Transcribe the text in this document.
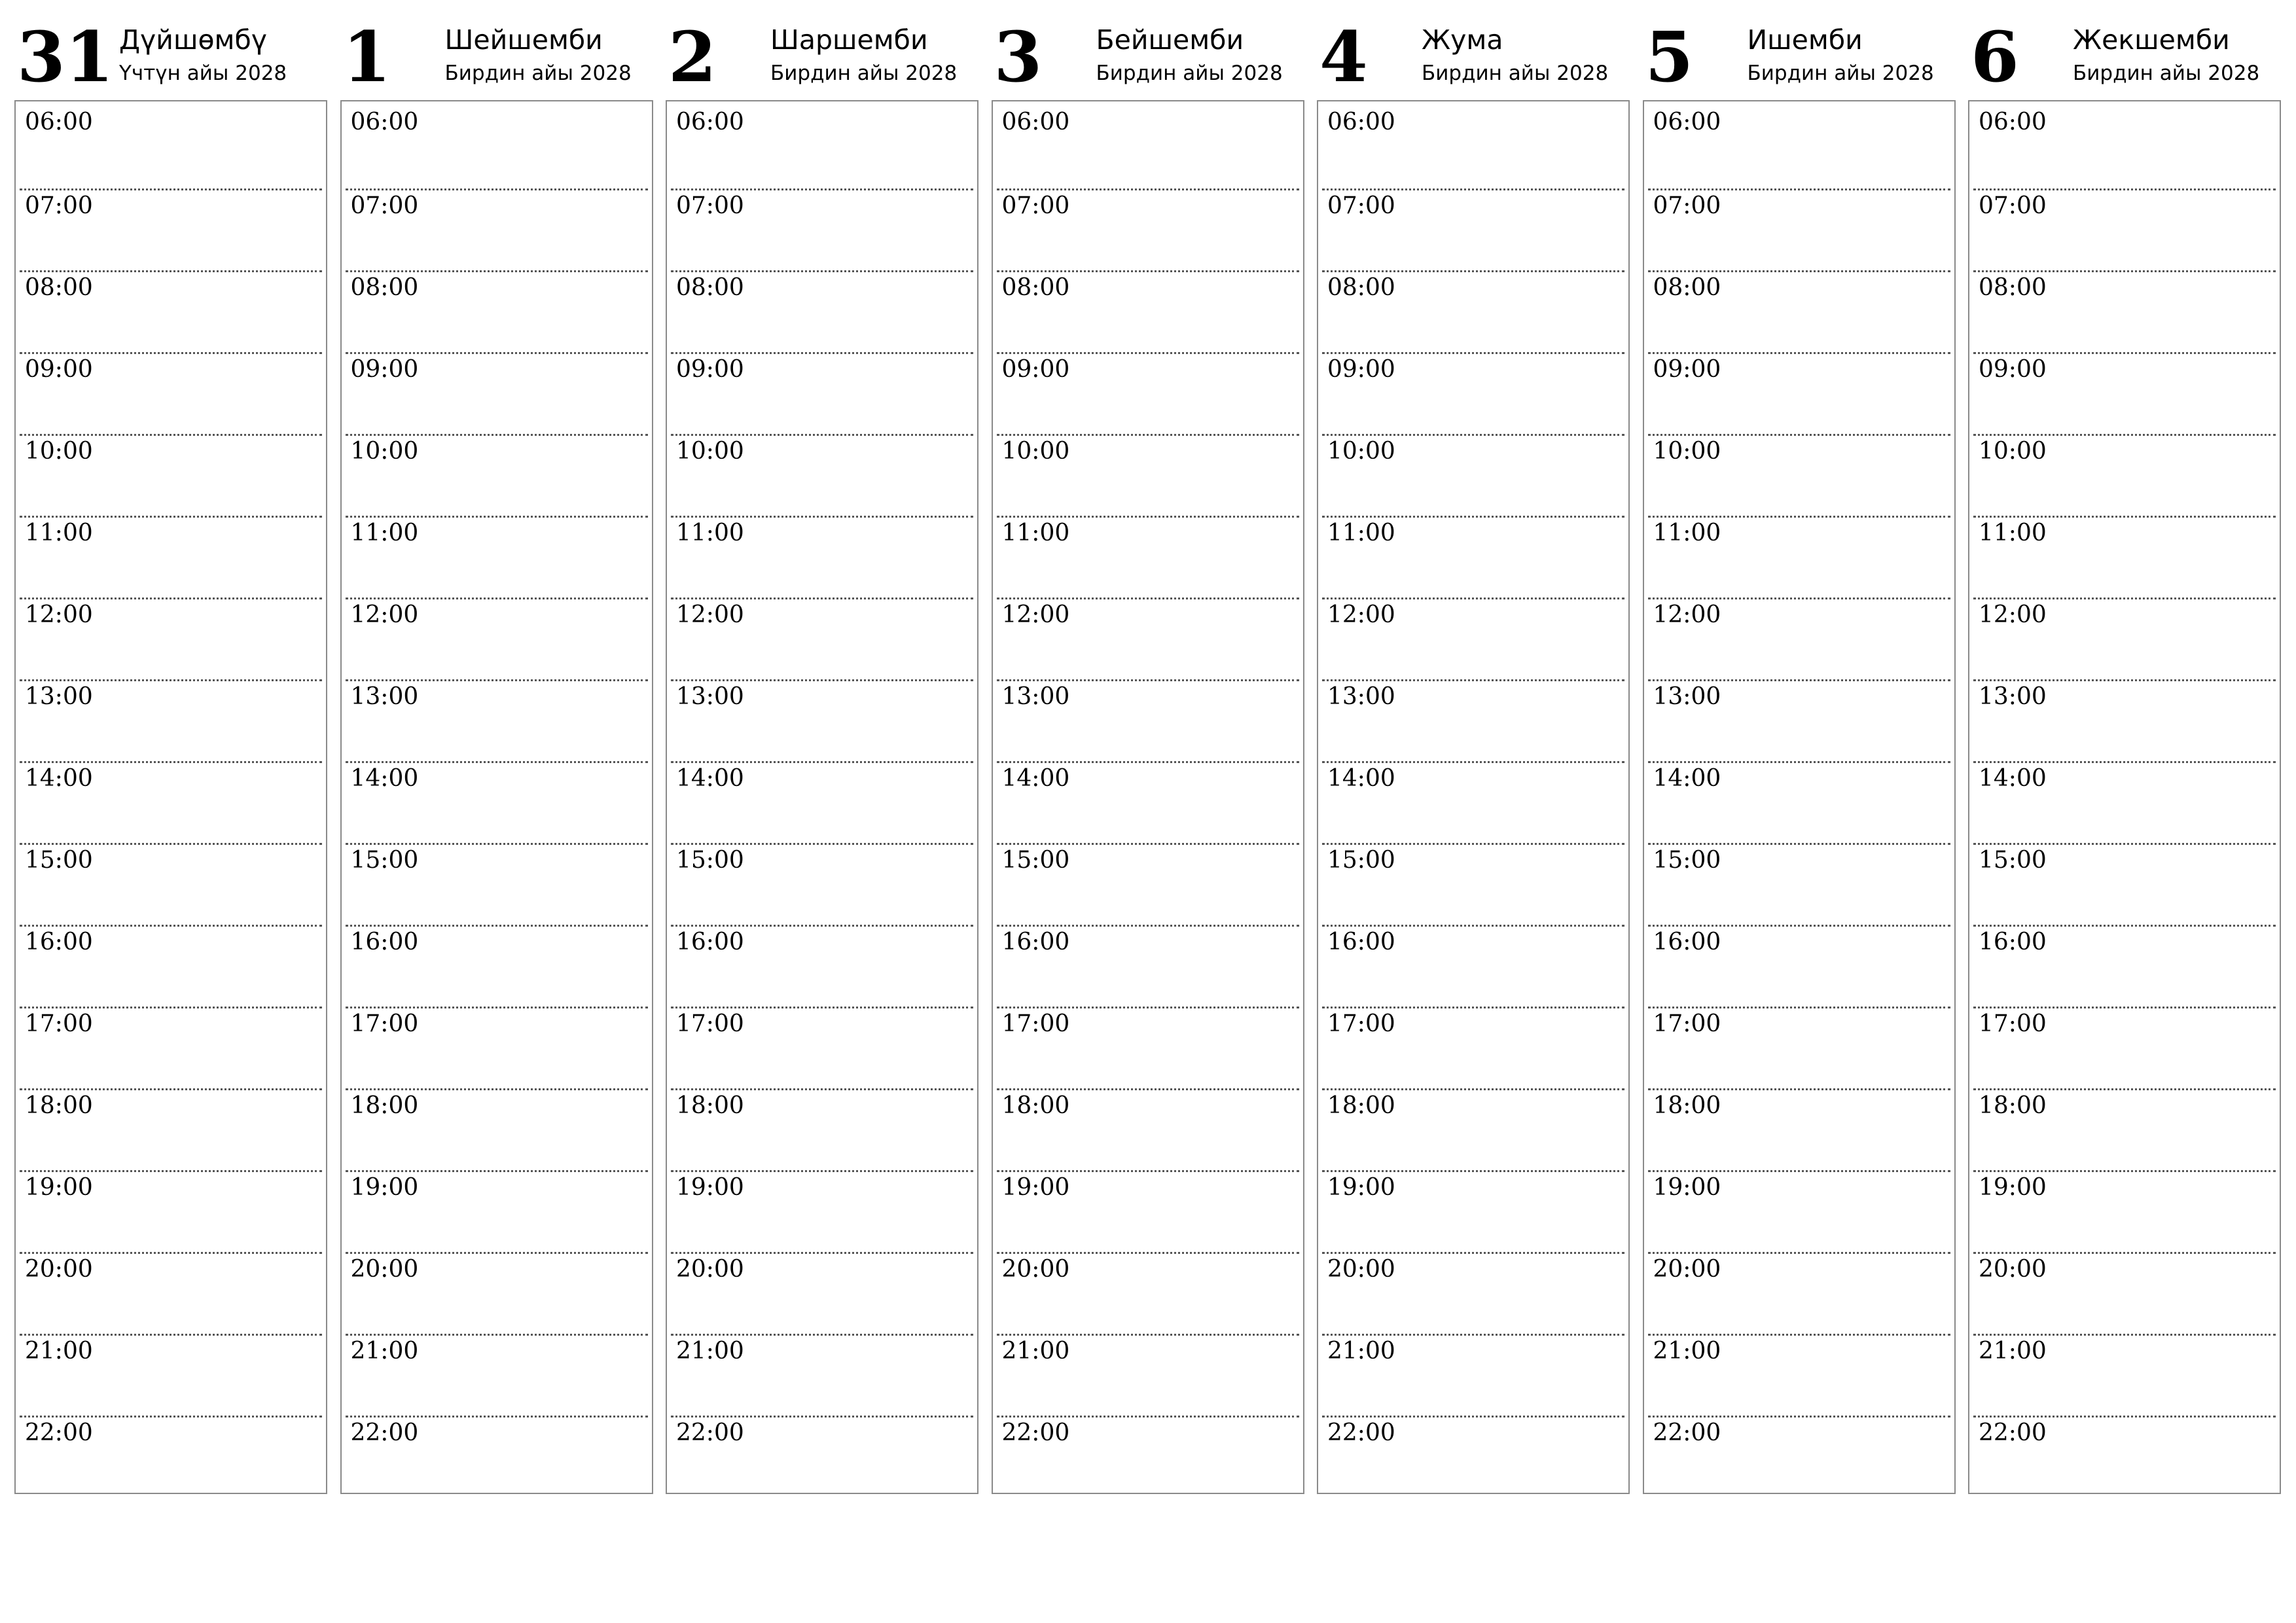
31 Дүйшөмбү
Үчтүн айы 2028
06:00
07:00
08:00
09:00
10:00
11:00
12:00
13:00
14:00
15:00
16:00
17:00
18:00
19:00
20:00
21:00
22:00
1 Шейшемби
Бирдин айы 2028
06:00
07:00
08:00
09:00
10:00
11:00
12:00
13:00
14:00
15:00
16:00
17:00
18:00
19:00
20:00
21:00
22:00
2 Шаршемби
Бирдин айы 2028
06:00
07:00
08:00
09:00
10:00
11:00
12:00
13:00
14:00
15:00
16:00
17:00
18:00
19:00
20:00
21:00
22:00
3 Бейшемби
Бирдин айы 2028
06:00
07:00
08:00
09:00
10:00
11:00
12:00
13:00
14:00
15:00
16:00
17:00
18:00
19:00
20:00
21:00
22:00
4 Жума
Бирдин айы 2028
06:00
07:00
08:00
09:00
10:00
11:00
12:00
13:00
14:00
15:00
16:00
17:00
18:00
19:00
20:00
21:00
22:00
5 Ишемби
Бирдин айы 2028
06:00
07:00
08:00
09:00
10:00
11:00
12:00
13:00
14:00
15:00
16:00
17:00
18:00
19:00
20:00
21:00
22:00
6 Жекшемби
Бирдин айы 2028
06:00
07:00
08:00
09:00
10:00
11:00
12:00
13:00
14:00
15:00
16:00
17:00
18:00
19:00
20:00
21:00
22:00
